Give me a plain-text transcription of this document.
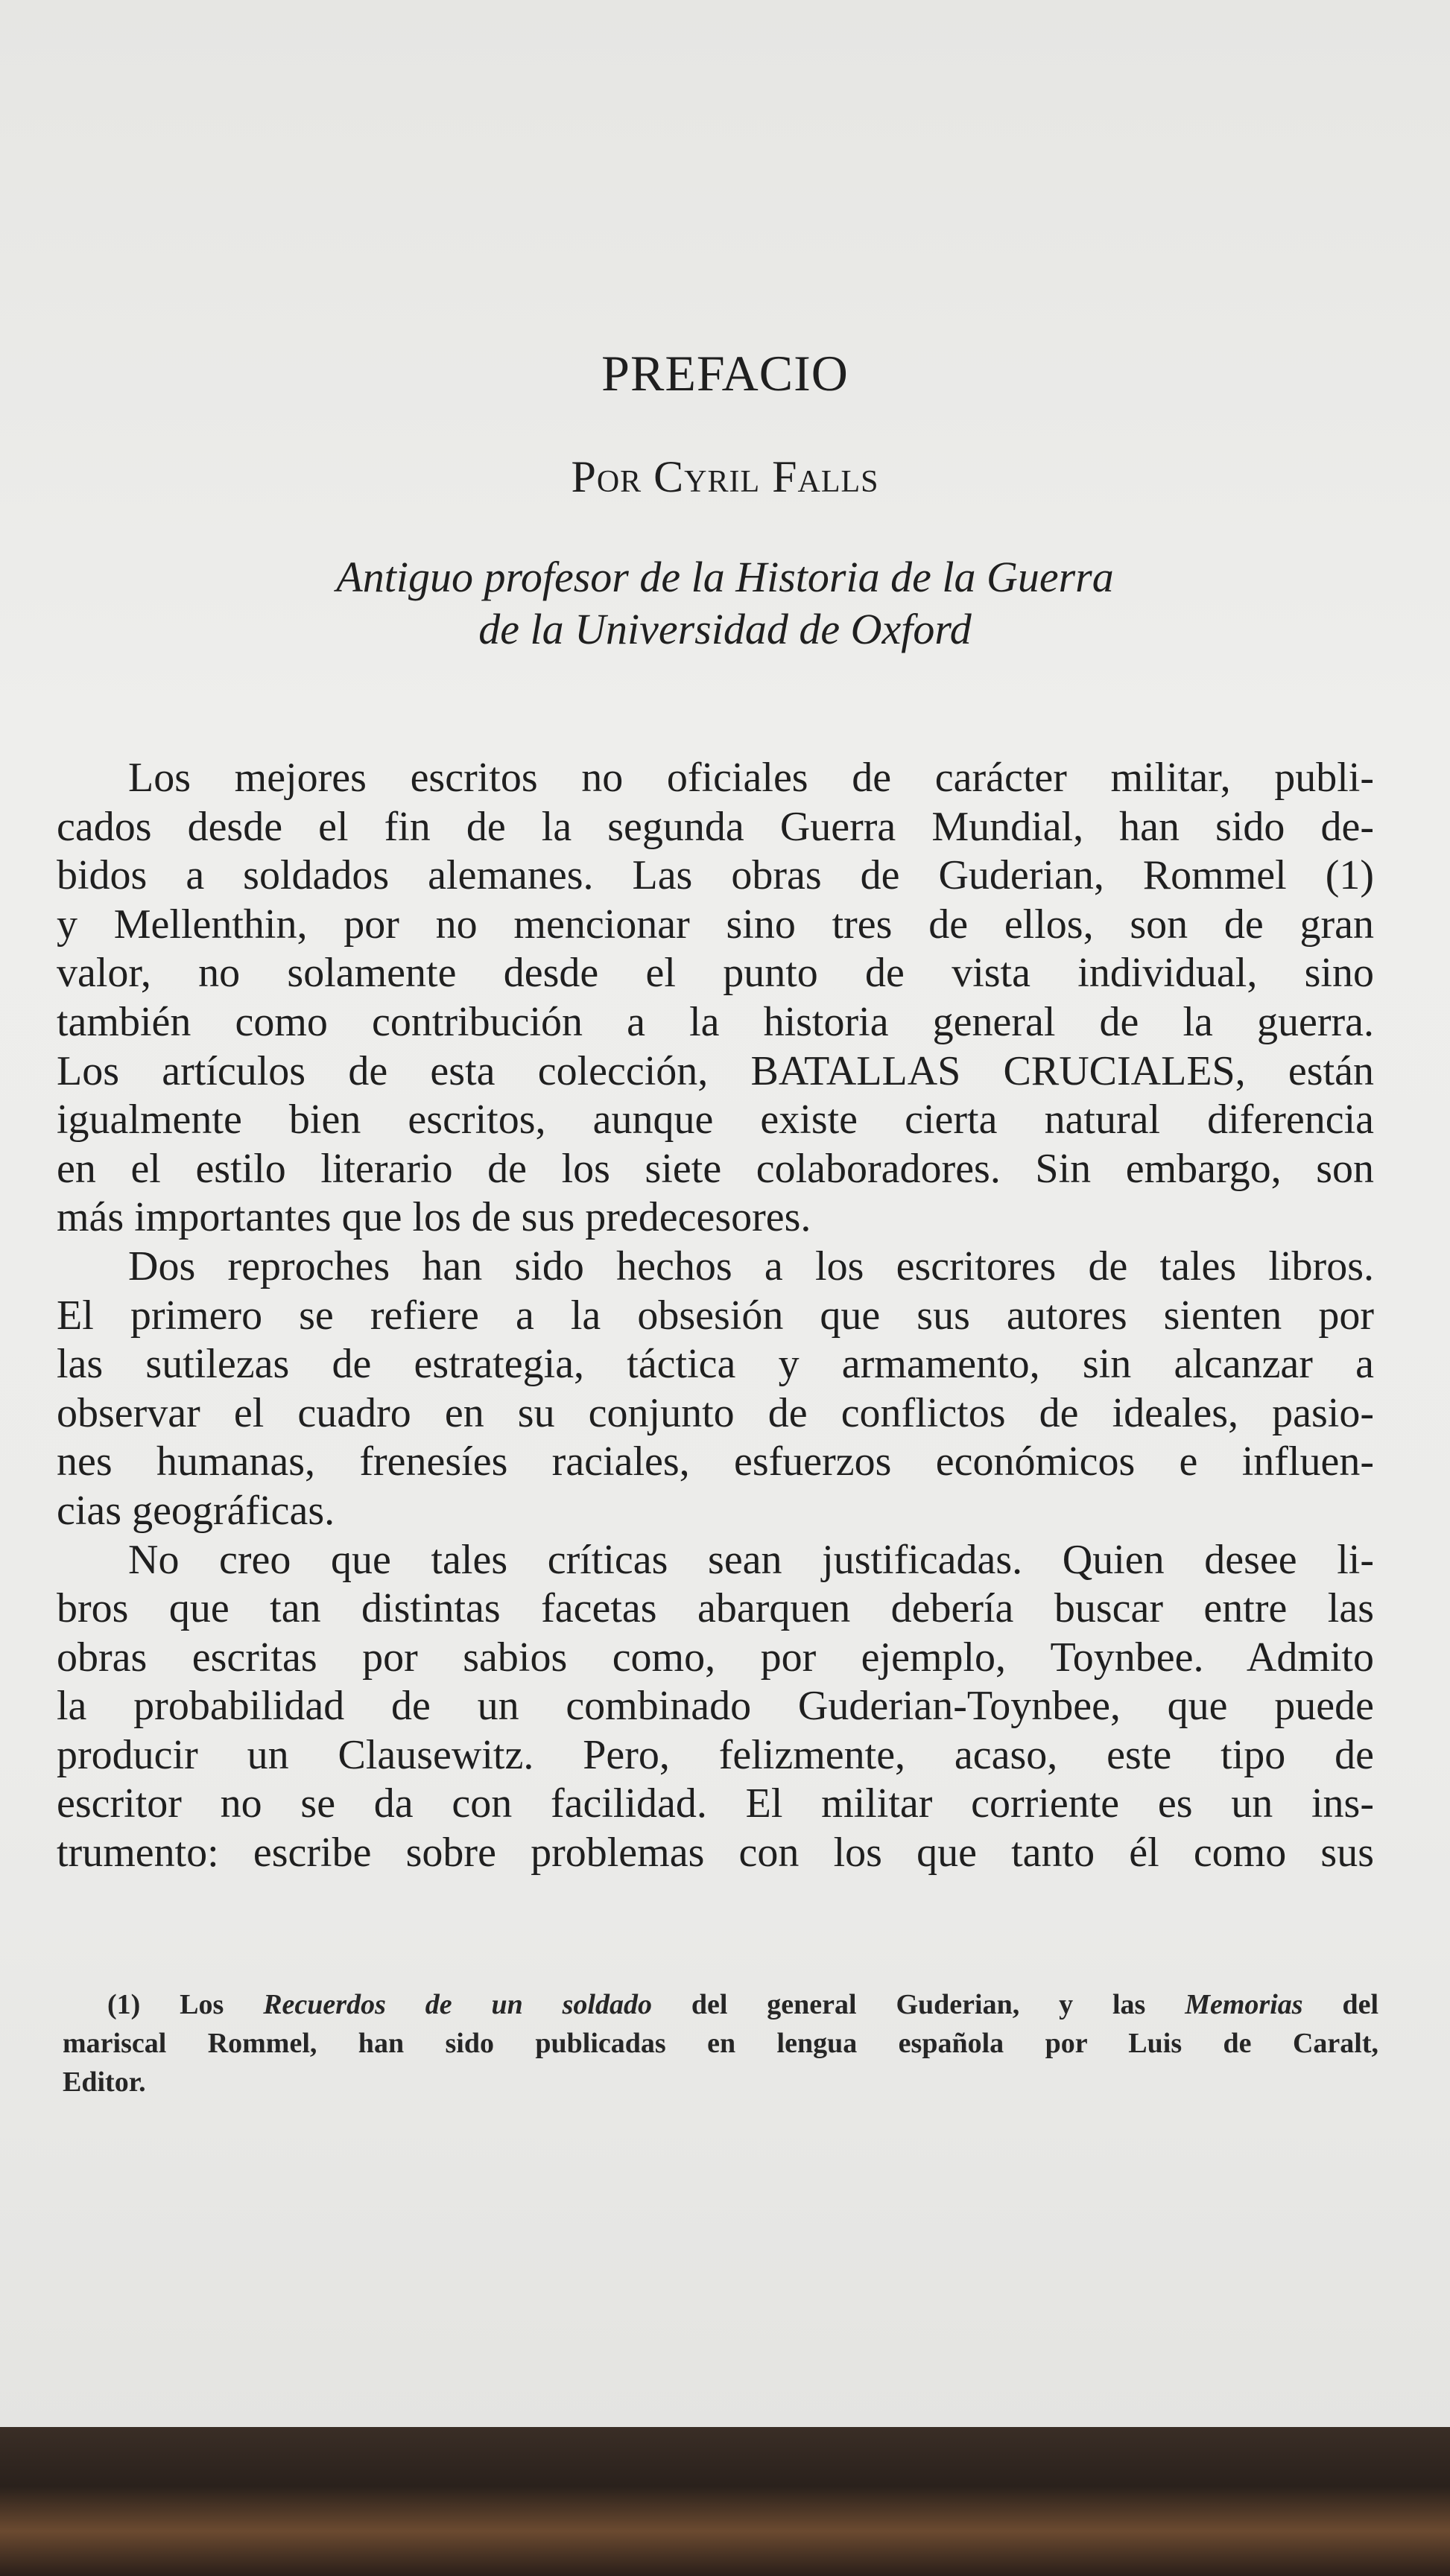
PREFACIO
Por Cyril Falls
Antiguo profesor de la Historia de la Guerra
de la Universidad de Oxford
Los mejores escritos no oficiales de carácter militar, publi-
cados desde el fin de la segunda Guerra Mundial, han sido de-
bidos a soldados alemanes. Las obras de Guderian, Rommel (1)
y Mellenthin, por no mencionar sino tres de ellos, son de gran
valor, no solamente desde el punto de vista individual, sino
también como contribución a la historia general de la guerra.
Los artículos de esta colección, BATALLAS CRUCIALES, están
igualmente bien escritos, aunque existe cierta natural diferencia
en el estilo literario de los siete colaboradores. Sin embargo, son
más importantes que los de sus predecesores.
Dos reproches han sido hechos a los escritores de tales libros.
El primero se refiere a la obsesión que sus autores sienten por
las sutilezas de estrategia, táctica y armamento, sin alcanzar a
observar el cuadro en su conjunto de conflictos de ideales, pasio-
nes humanas, frenesíes raciales, esfuerzos económicos e influen-
cias geográficas.
No creo que tales críticas sean justificadas. Quien desee li-
bros que tan distintas facetas abarquen debería buscar entre las
obras escritas por sabios como, por ejemplo, Toynbee. Admito
la probabilidad de un combinado Guderian-Toynbee, que puede
producir un Clausewitz. Pero, felizmente, acaso, este tipo de
escritor no se da con facilidad. El militar corriente es un ins-
trumento: escribe sobre problemas con los que tanto él como sus
(1) Los Recuerdos de un soldado del general Guderian, y las Memorias del
mariscal Rommel, han sido publicadas en lengua española por Luis de Caralt,
Editor.
